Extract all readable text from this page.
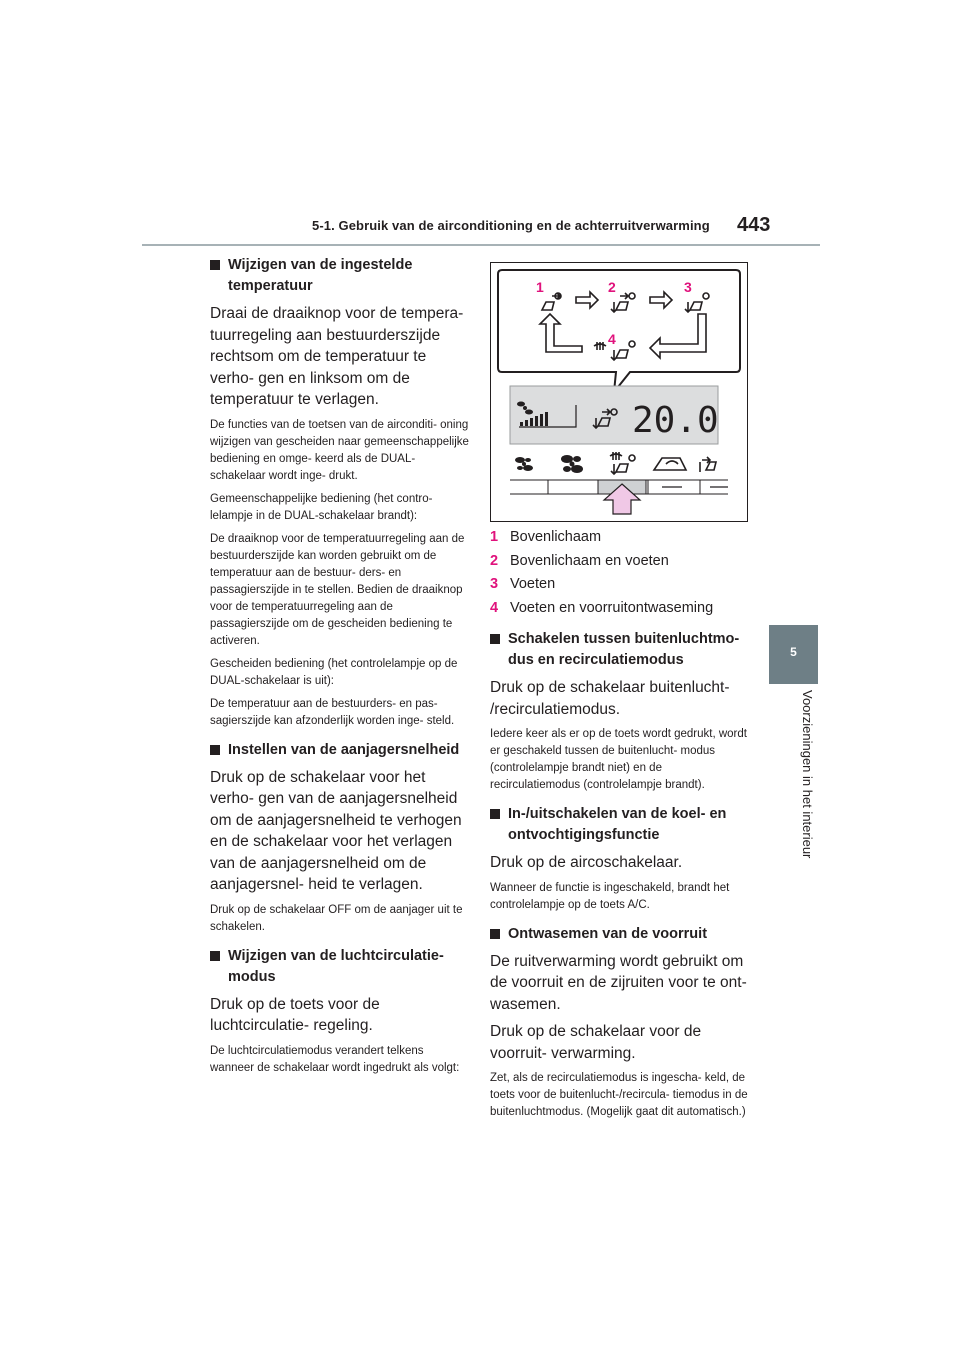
5-1. Gebruik van de airconditioning en de achterruitverwarming 443
5
Voorzieningen in het interieur
Wijzigen van de ingestelde temperatuur

Draai de draaiknop voor de tempera- tuurregeling aan bestuurderszijde rechtsom om de temperatuur te verho- gen en linksom om de temperatuur te verlagen.

De functies van de toetsen van de airconditi- oning wijzigen van gescheiden naar gemeenschappelijke bediening en omge- keerd als de DUAL-schakelaar wordt inge- drukt.

Gemeenschappelijke bediening (het contro- lelampje in de DUAL-schakelaar brandt):

De draaiknop voor de temperatuurregeling aan de bestuurderszijde kan worden gebruikt om de temperatuur aan de bestuur- ders- en passagierszijde in te stellen. Bedien de draaiknop voor de temperatuurregeling aan de passagierszijde om de gescheiden bediening te activeren.

Gescheiden bediening (het controlelampje op de DUAL-schakelaar is uit):

De temperatuur aan de bestuurders- en pas- sagierszijde kan afzonderlijk worden inge- steld.

Instellen van de aanjagersnelheid

Druk op de schakelaar voor het verho- gen van de aanjagersnelheid om de aanjagersnelheid te verhogen en de schakelaar voor het verlagen van de aanjagersnelheid om de aanjagersnel- heid te verlagen.

Druk op de schakelaar OFF om de aanjager uit te schakelen.

Wijzigen van de luchtcirculatie- modus

Druk op de toets voor de luchtcirculatie- regeling.

De luchtcirculatiemodus verandert telkens wanneer de schakelaar wordt ingedrukt als volgt:

1	2	3
4
20.0
1 Bovenlichaam
2 Bovenlichaam en voeten
3 Voeten
4 Voeten en voorruitontwaseming
Schakelen tussen buitenluchtmo- dus en recirculatiemodus

Druk op de schakelaar buitenlucht- /recirculatiemodus.

Iedere keer als er op de toets wordt gedrukt, wordt er geschakeld tussen de buitenlucht- modus (controlelampje brandt niet) en de recirculatiemodus (controlelampje brandt).

In-/uitschakelen van de koel- en ontvochtigingsfunctie

Druk op de aircoschakelaar.

Wanneer de functie is ingeschakeld, brandt het controlelampje op de toets A/C.

Ontwasemen van de voorruit

De ruitverwarming wordt gebruikt om de voorruit en de zijruiten voor te ont- wasemen.

Druk op de schakelaar voor de voorruit- verwarming.

Zet, als de recirculatiemodus is ingescha- keld, de toets voor de buitenlucht-/recircula- tiemodus in de buitenluchtmodus. (Mogelijk gaat dit automatisch.)
